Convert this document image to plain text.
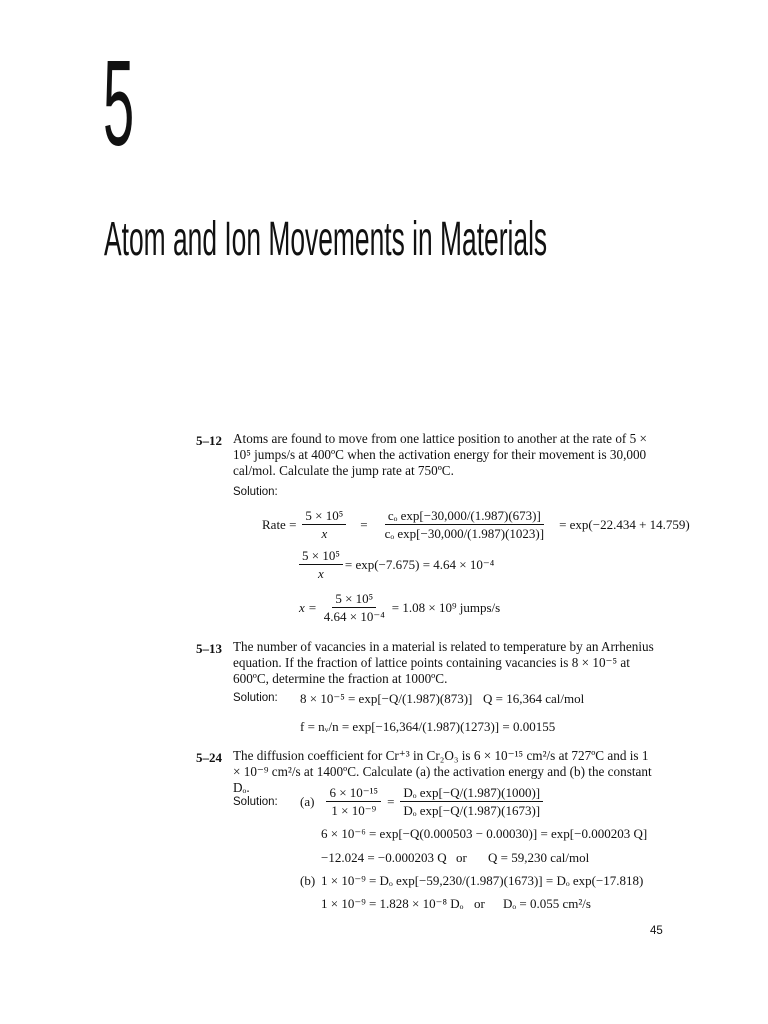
5
Atom and Ion Movements in Materials
5–12 Atoms are found to move from one lattice position to another at the rate of 5 × 10⁵ jumps/s at 400ºC when the activation energy for their movement is 30,000 cal/mol. Calculate the jump rate at 750ºC.
Solution:
Rate = $\frac{\text{5 × 10⁵}}{x} = \frac{\text{cₒ exp[−30,000/(1.987)(673)]}}{\text{cₒ exp[−30,000/(1.987)(1023)]}} = \exp(-22.434 + 14.759)$
$\frac{\text{5 × 10⁵}}{x} = \exp(-7.675) = 4.64 \times 10^{-4}$
$x = \frac{\text{5 × 10⁵}}{\text{4.64 × 10⁻⁴}} = 1.08 \times 10^9$ jumps/s
5–13 The number of vacancies in a material is related to temperature by an Arrhenius equation. If the fraction of lattice points containing vacancies is 8 × 10⁻⁵ at 600ºC, determine the fraction at 1000ºC.
Solution: 8 × 10⁻⁵ = exp[−Q/(1.987)(873)] Q = 16,364 cal/mol
f = nᵥ/n = exp[−16,364/(1.987)(1273)] = 0.00155
5–24 The diffusion coefficient for Cr⁺³ in Cr₂O₃ is 6 × 10⁻¹⁵ cm²/s at 727ºC and is 1 × 10⁻⁹ cm²/s at 1400ºC. Calculate (a) the activation energy and (b) the constant Dₒ.
Solution: $(a) \frac{\text{6 × 10⁻¹⁵}}{\text{1 × 10⁻⁹}} = \frac{\text{Dₒ exp[−Q/(1.987)(1000)]}}{\text{Dₒ exp[−Q/(1.987)(1673)]}}$
6 × 10⁻⁶ = exp[−Q(0.000503 − 0.00030)] = exp[−0.000203 Q]
−12.024 = −0.000203 Q or Q = 59,230 cal/mol
(b) 1 × 10⁻⁹ = Dₒ exp[−59,230/(1.987)(1673)] = Dₒ exp(−17.818)
1 × 10⁻⁹ = 1.828 × 10⁻⁸ Dₒ or Dₒ = 0.055 cm²/s
45
